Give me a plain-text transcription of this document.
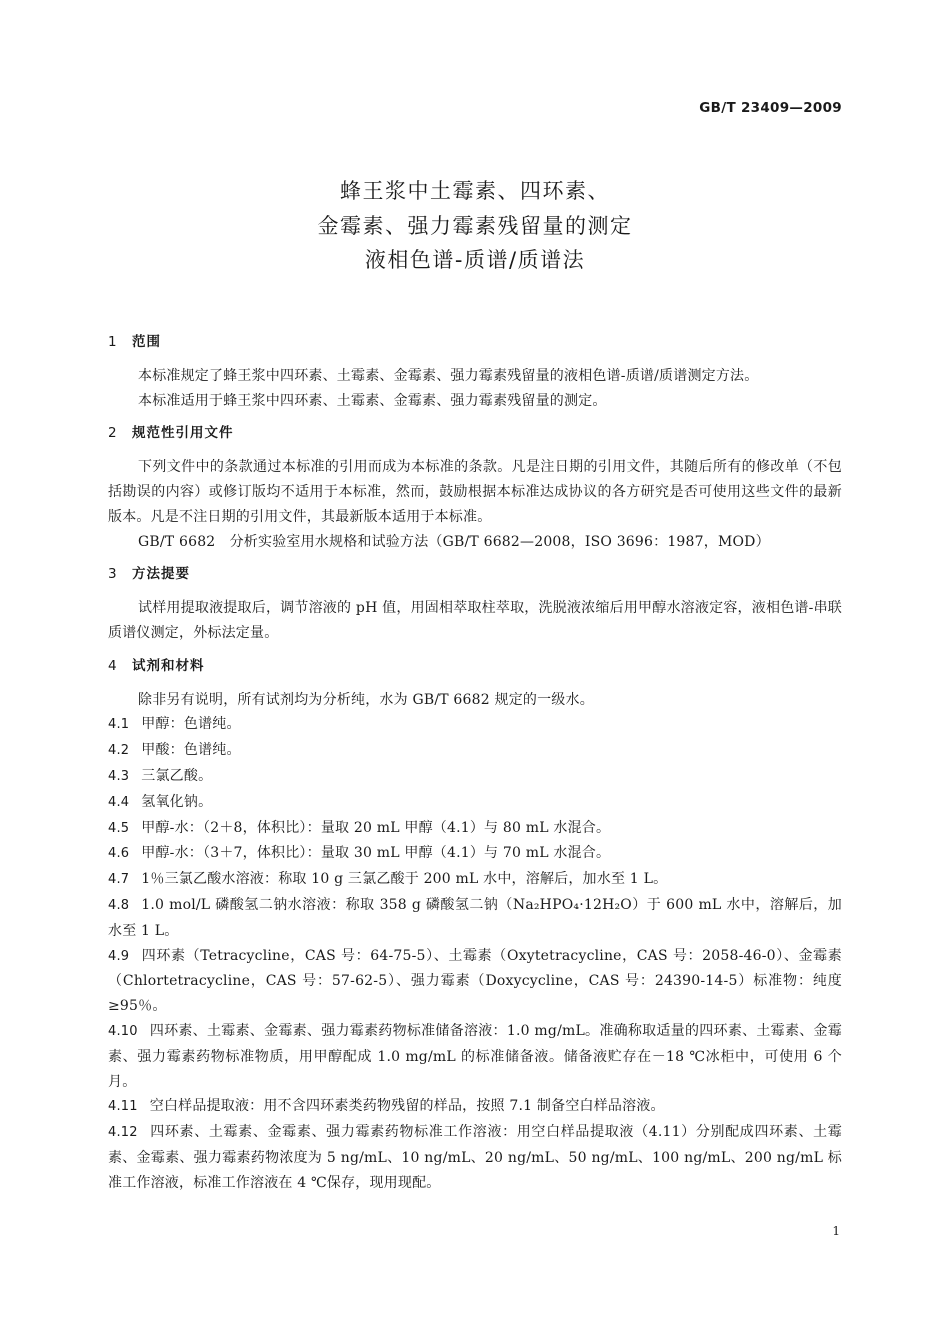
GB/T 23409—2009
蜂王浆中土霉素、四环素、
金霉素、强力霉素残留量的测定
液相色谱-质谱/质谱法
1 范围
本标准规定了蜂王浆中四环素、土霉素、金霉素、强力霉素残留量的液相色谱-质谱/质谱测定方法。
本标准适用于蜂王浆中四环素、土霉素、金霉素、强力霉素残留量的测定。
2 规范性引用文件
下列文件中的条款通过本标准的引用而成为本标准的条款。凡是注日期的引用文件，其随后所有的修改单（不包括勘误的内容）或修订版均不适用于本标准，然而，鼓励根据本标准达成协议的各方研究是否可使用这些文件的最新版本。凡是不注日期的引用文件，其最新版本适用于本标准。
GB/T 6682　分析实验室用水规格和试验方法（GB/T 6682—2008，ISO 3696：1987，MOD）
3 方法提要
试样用提取液提取后，调节溶液的 pH 值，用固相萃取柱萃取，洗脱液浓缩后用甲醇水溶液定容，液相色谱-串联质谱仪测定，外标法定量。
4 试剂和材料
除非另有说明，所有试剂均为分析纯，水为 GB/T 6682 规定的一级水。
4.1 甲醇：色谱纯。
4.2 甲酸：色谱纯。
4.3 三氯乙酸。
4.4 氢氧化钠。
4.5 甲醇-水：（2＋8，体积比）：量取 20 mL 甲醇（4.1）与 80 mL 水混合。
4.6 甲醇-水：（3＋7，体积比）：量取 30 mL 甲醇（4.1）与 70 mL 水混合。
4.7 1％三氯乙酸水溶液：称取 10 g 三氯乙酸于 200 mL 水中，溶解后，加水至 1 L。
4.8 1.0 mol/L 磷酸氢二钠水溶液：称取 358 g 磷酸氢二钠（Na₂HPO₄·12H₂O）于 600 mL 水中，溶解后，加水至 1 L。
4.9 四环素（Tetracycline，CAS 号：64-75-5）、土霉素（Oxytetracycline，CAS 号：2058-46-0）、金霉素（Chlortetracycline，CAS 号：57-62-5）、强力霉素（Doxycycline，CAS 号：24390-14-5）标准物：纯度≥95％。
4.10 四环素、土霉素、金霉素、强力霉素药物标准储备溶液：1.0 mg/mL。准确称取适量的四环素、土霉素、金霉素、强力霉素药物标准物质，用甲醇配成 1.0 mg/mL 的标准储备液。储备液贮存在－18 ℃冰柜中，可使用 6 个月。
4.11 空白样品提取液：用不含四环素类药物残留的样品，按照 7.1 制备空白样品溶液。
4.12 四环素、土霉素、金霉素、强力霉素药物标准工作溶液：用空白样品提取液（4.11）分别配成四环素、土霉素、金霉素、强力霉素药物浓度为 5 ng/mL、10 ng/mL、20 ng/mL、50 ng/mL、100 ng/mL、200 ng/mL 标准工作溶液，标准工作溶液在 4 ℃保存，现用现配。
1
